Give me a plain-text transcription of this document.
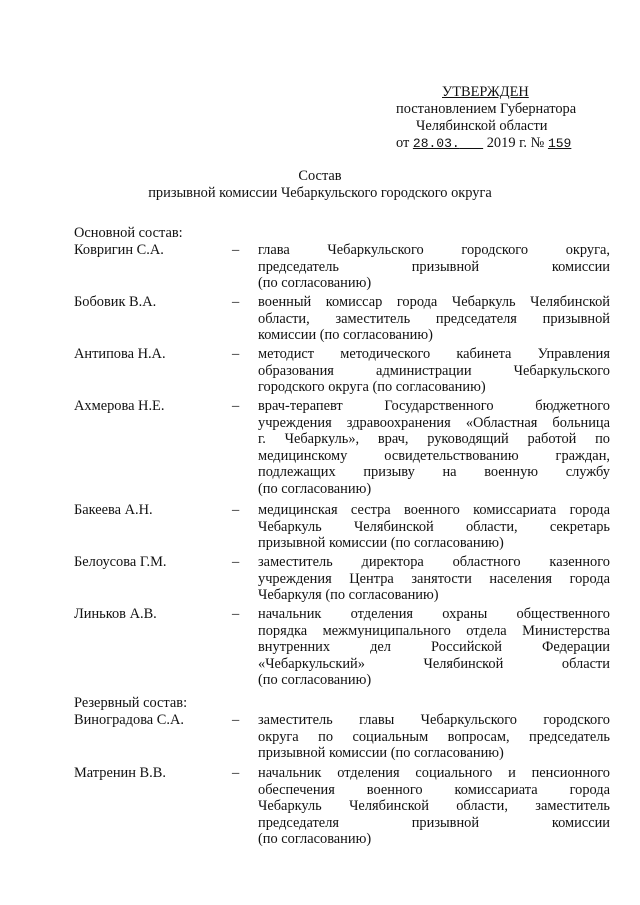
УТВЕРЖДЕН
постановлением Губернатора
Челябинской области
от 28.03. 2019 г. № 159
Состав
призывной комиссии Чебаркульского городского округа
Основной состав:
Ковригин С.А.	– глава Чебаркульского городского округа,
председатель призывной комиссии
(по согласованию)
Бобовик В.А.	– военный комиссар города Чебаркуль Челябинской
области, заместитель председателя призывной
комиссии (по согласованию)
Антипова Н.А.	– методист методического кабинета Управления
образования администрации Чебаркульского
городского округа (по согласованию)
Ахмерова Н.Е.	– врач-терапевт Государственного бюджетного
учреждения здравоохранения «Областная больница
г. Чебаркуль», врач, руководящий работой по
медицинскому освидетельствованию граждан,
подлежащих призыву на военную службу
(по согласованию)
Бакеева А.Н.	– медицинская сестра военного комиссариата города
Чебаркуль Челябинской области, секретарь
призывной комиссии (по согласованию)
Белоусова Г.М.	– заместитель директора областного казенного
учреждения Центра занятости населения города
Чебаркуля (по согласованию)
Линьков А.В.	– начальник отделения охраны общественного
порядка межмуниципального отдела Министерства
внутренних дел Российской Федерации
«Чебаркульский» Челябинской области
(по согласованию)
Резервный состав:
Виноградова С.А.	– заместитель главы Чебаркульского городского
округа по социальным вопросам, председатель
призывной комиссии (по согласованию)
Матренин В.В.	– начальник отделения социального и пенсионного
обеспечения военного комиссариата города
Чебаркуль Челябинской области, заместитель
председателя призывной комиссии
(по согласованию)
